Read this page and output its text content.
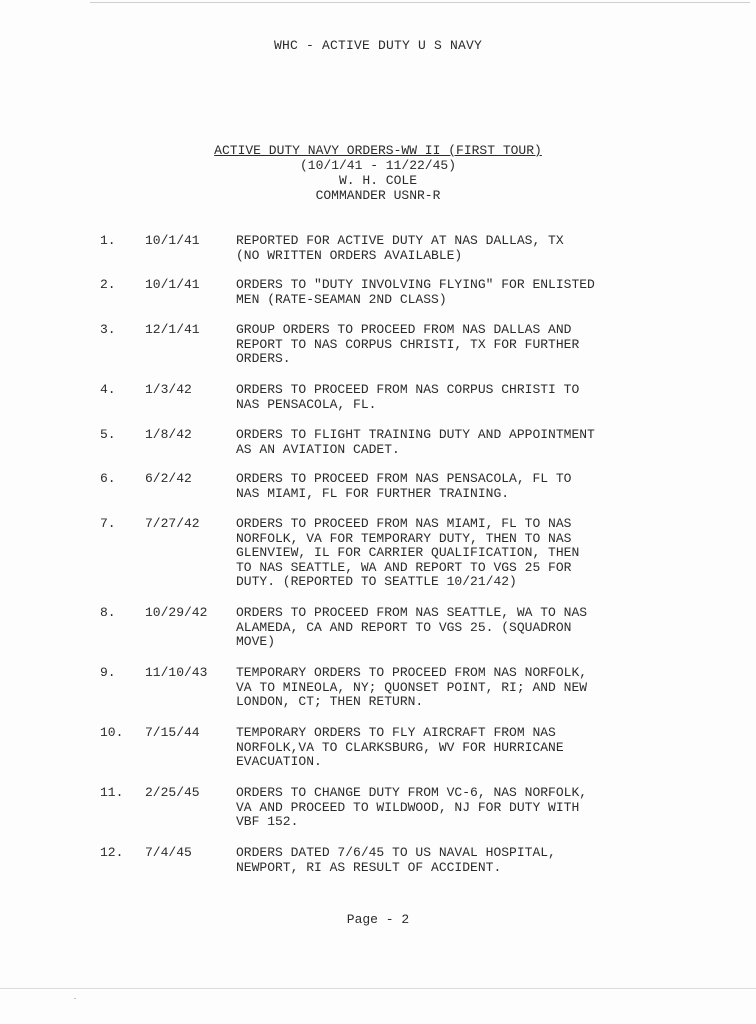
WHC - ACTIVE DUTY U S NAVY
ACTIVE DUTY NAVY ORDERS-WW II (FIRST TOUR)
(10/1/41 - 11/22/45)
W. H. COLE
COMMANDER USNR-R
1.	10/1/41	REPORTED FOR ACTIVE DUTY AT NAS DALLAS, TX
(NO WRITTEN ORDERS AVAILABLE)
2.	10/1/41	ORDERS TO "DUTY INVOLVING FLYING" FOR ENLISTED
MEN (RATE-SEAMAN 2ND CLASS)
3.	12/1/41	GROUP ORDERS TO PROCEED FROM NAS DALLAS AND
REPORT TO NAS CORPUS CHRISTI, TX FOR FURTHER
ORDERS.
4.	1/3/42	ORDERS TO PROCEED FROM NAS CORPUS CHRISTI TO
NAS PENSACOLA, FL.
5.	1/8/42	ORDERS TO FLIGHT TRAINING DUTY AND APPOINTMENT
AS AN AVIATION CADET.
6.	6/2/42	ORDERS TO PROCEED FROM NAS PENSACOLA, FL TO
NAS MIAMI, FL FOR FURTHER TRAINING.
7.	7/27/42	ORDERS TO PROCEED FROM NAS MIAMI, FL TO NAS
NORFOLK, VA FOR TEMPORARY DUTY, THEN TO NAS
GLENVIEW, IL FOR CARRIER QUALIFICATION, THEN
TO NAS SEATTLE, WA AND REPORT TO VGS 25 FOR
DUTY. (REPORTED TO SEATTLE 10/21/42)
8.	10/29/42	ORDERS TO PROCEED FROM NAS SEATTLE, WA TO NAS
ALAMEDA, CA AND REPORT TO VGS 25. (SQUADRON
MOVE)
9.	11/10/43	TEMPORARY ORDERS TO PROCEED FROM NAS NORFOLK,
VA TO MINEOLA, NY; QUONSET POINT, RI; AND NEW
LONDON, CT; THEN RETURN.
10.	7/15/44	TEMPORARY ORDERS TO FLY AIRCRAFT FROM NAS
NORFOLK,VA TO CLARKSBURG, WV FOR HURRICANE
EVACUATION.
11.	2/25/45	ORDERS TO CHANGE DUTY FROM VC-6, NAS NORFOLK,
VA AND PROCEED TO WILDWOOD, NJ FOR DUTY WITH
VBF 152.
12.	7/4/45	ORDERS DATED 7/6/45 TO US NAVAL HOSPITAL,
NEWPORT, RI AS RESULT OF ACCIDENT.
Page - 2
